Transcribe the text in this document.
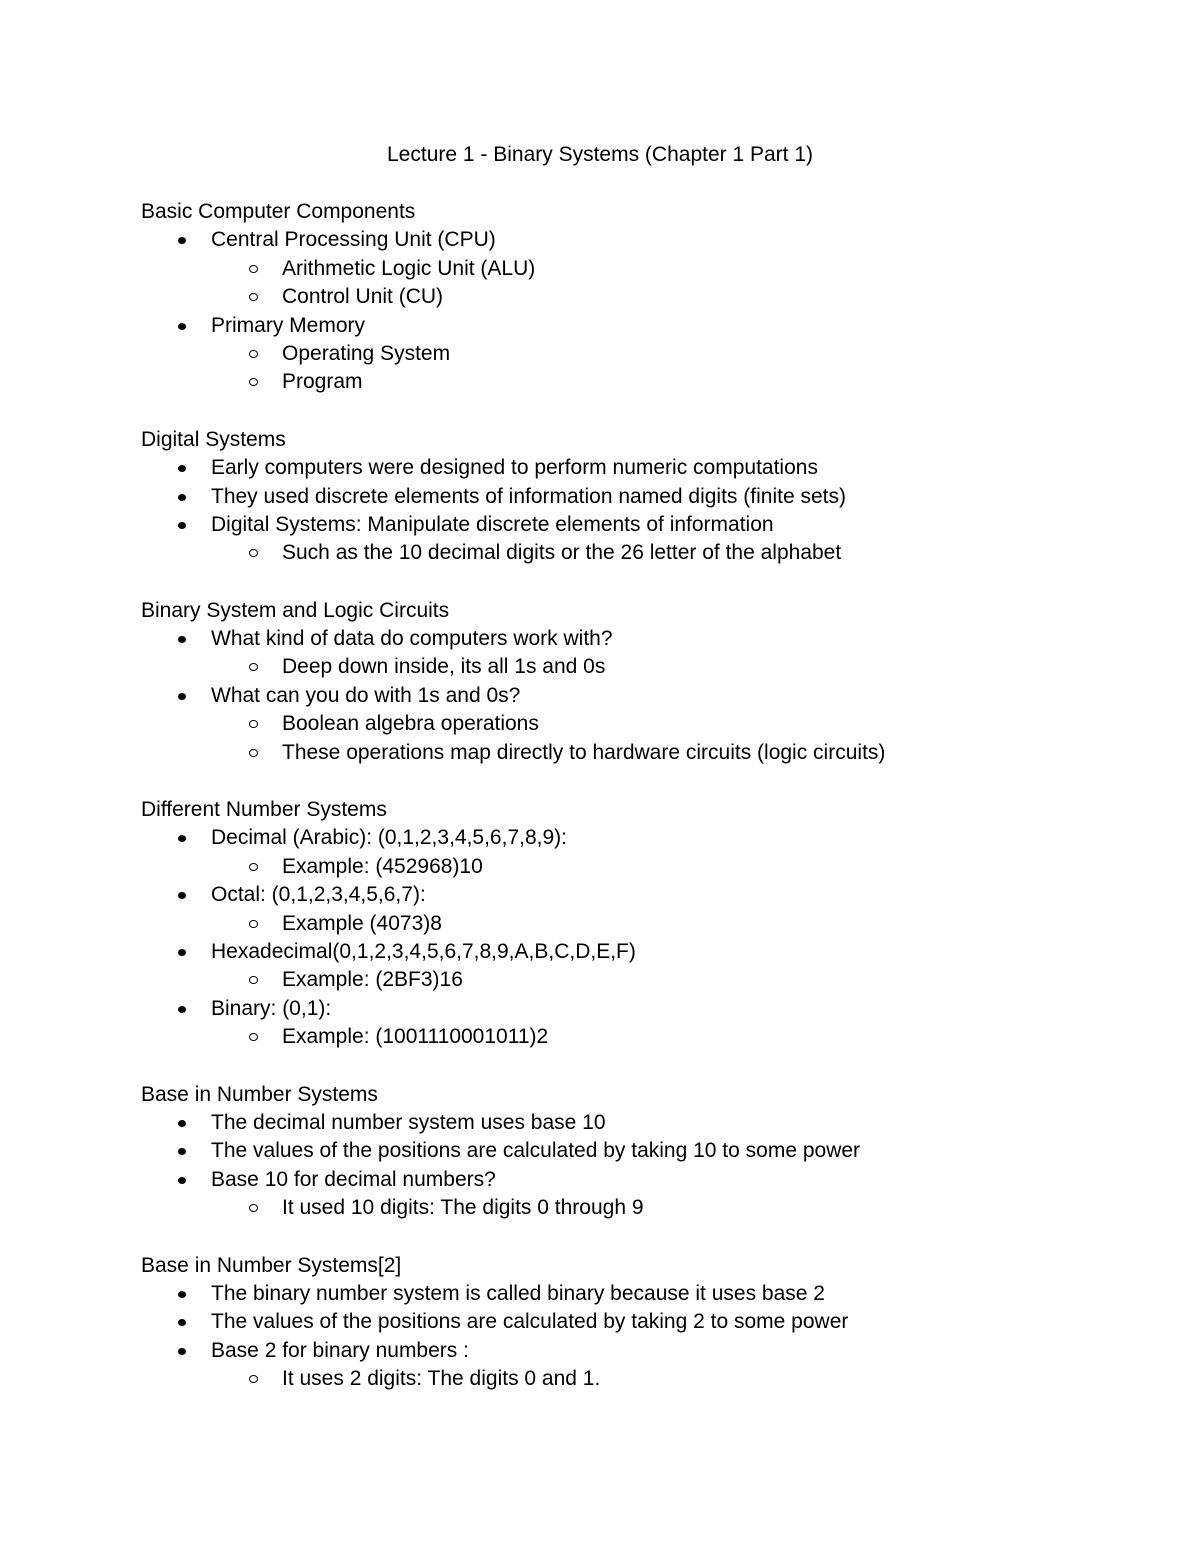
Lecture 1 - Binary Systems (Chapter 1 Part 1)
Basic Computer Components
Central Processing Unit (CPU)
Arithmetic Logic Unit (ALU)
Control Unit (CU)
Primary Memory
Operating System
Program
Digital Systems
Early computers were designed to perform numeric computations
They used discrete elements of information named digits (finite sets)
Digital Systems: Manipulate discrete elements of information
Such as the 10 decimal digits or the 26 letter of the alphabet
Binary System and Logic Circuits
What kind of data do computers work with?
Deep down inside, its all 1s and 0s
What can you do with 1s and 0s?
Boolean algebra operations
These operations map directly to hardware circuits (logic circuits)
Different Number Systems
Decimal (Arabic): (0,1,2,3,4,5,6,7,8,9):
Example: (452968)10
Octal: (0,1,2,3,4,5,6,7):
Example (4073)8
Hexadecimal(0,1,2,3,4,5,6,7,8,9,A,B,C,D,E,F)
Example: (2BF3)16
Binary: (0,1):
Example: (1001110001011)2
Base in Number Systems
The decimal number system uses base 10
The values of the positions are calculated by taking 10 to some power
Base 10 for decimal numbers?
It used 10 digits: The digits 0 through 9
Base in Number Systems[2]
The binary number system is called binary because it uses base 2
The values of the positions are calculated by taking 2 to some power
Base 2 for binary numbers :
It uses 2 digits: The digits 0 and 1.
